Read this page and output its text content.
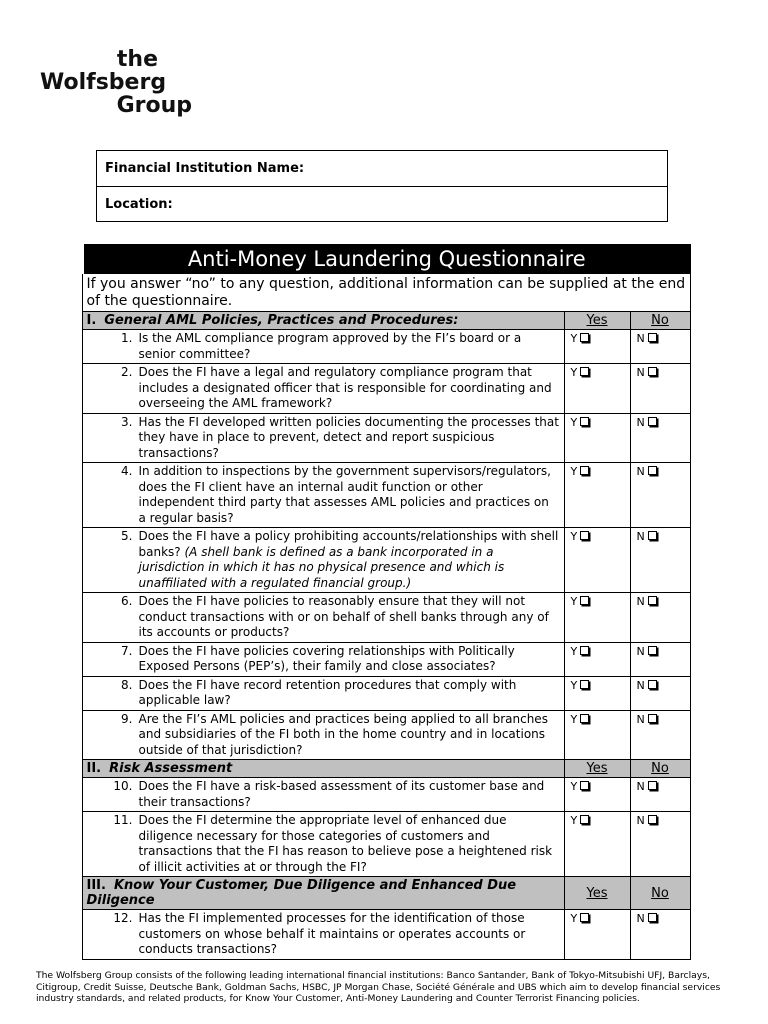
the
Wolfsberg
Group
Financial Institution Name:
Location:
Anti-Money Laundering Questionnaire		
If you answer “no” to any question, additional information can be supplied at the end of the questionnaire.		
I. General AML Policies, Practices and Procedures:	Yes	No

1. Is the AML compliance program approved by the FI’s board or a senior committee?	Y	N

2. Does the FI have a legal and regulatory compliance program that includes a designated officer that is responsible for coordinating and overseeing the AML framework?	Y	N

3. Has the FI developed written policies documenting the processes that they have in place to prevent, detect and report suspicious transactions?	Y	N

4. In addition to inspections by the government supervisors/regulators, does the FI client have an internal audit function or other independent third party that assesses AML policies and practices on a regular basis?	Y	N

5. Does the FI have a policy prohibiting accounts/relationships with shell banks? (A shell bank is defined as a bank incorporated in a jurisdiction in which it has no physical presence and which is unaffiliated with a regulated financial group.)	Y	N

6. Does the FI have policies to reasonably ensure that they will not conduct transactions with or on behalf of shell banks through any of its accounts or products?	Y	N

7. Does the FI have policies covering relationships with Politically Exposed Persons (PEP’s), their family and close associates?	Y	N

8. Does the FI have record retention procedures that comply with applicable law?	Y	N

9. Are the FI’s AML policies and practices being applied to all branches and subsidiaries of the FI both in the home country and in locations outside of that jurisdiction?	Y	N
II. Risk Assessment	Yes	No

10. Does the FI have a risk-based assessment of its customer base and their transactions?	Y	N

11. Does the FI determine the appropriate level of enhanced due diligence necessary for those categories of customers and transactions that the FI has reason to believe pose a heightened risk of illicit activities at or through the FI?	Y	N
III. Know Your Customer, Due Diligence and Enhanced Due Diligence	Yes	No

12. Has the FI implemented processes for the identification of those customers on whose behalf it maintains or operates accounts or conducts transactions?	Y	N
The Wolfsberg Group consists of the following leading international financial institutions: Banco Santander, Bank of Tokyo-Mitsubishi UFJ, Barclays, Citigroup, Credit Suisse, Deutsche Bank, Goldman Sachs, HSBC, JP Morgan Chase, Société Générale and UBS which aim to develop financial services industry standards, and related products, for Know Your Customer, Anti-Money Laundering and Counter Terrorist Financing policies.
